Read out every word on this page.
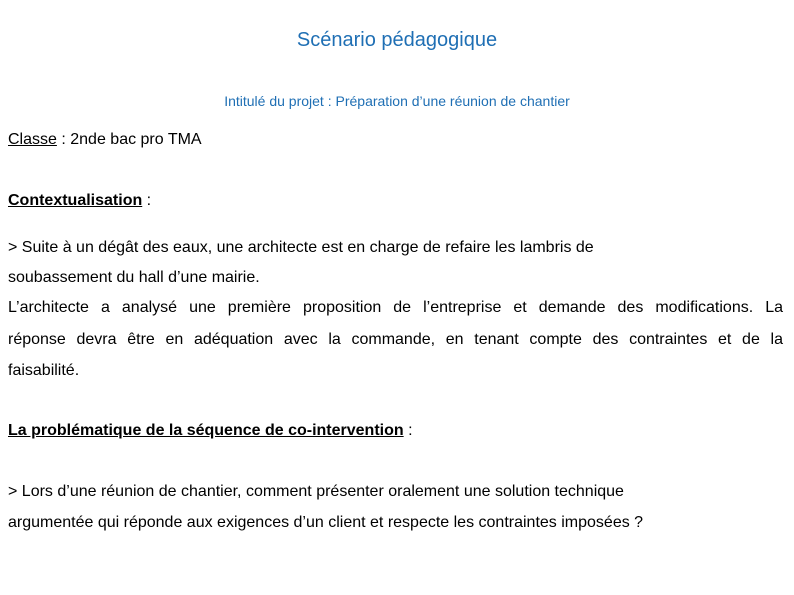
Scénario pédagogique
Intitulé du projet : Préparation d’une réunion de chantier
Classe : 2nde bac pro TMA
Contextualisation :
> Suite à un dégât des eaux, une architecte est en charge de refaire les lambris de
soubassement du hall d’une mairie.
L’architecte a analysé une première proposition de l’entreprise et demande des modifications. La
réponse devra être en adéquation avec la commande, en tenant compte des contraintes et de la
faisabilité.
La problématique de la séquence de co-intervention :
> Lors d’une réunion de chantier, comment présenter oralement une solution technique
argumentée qui réponde aux exigences d’un client et respecte les contraintes imposées ?
